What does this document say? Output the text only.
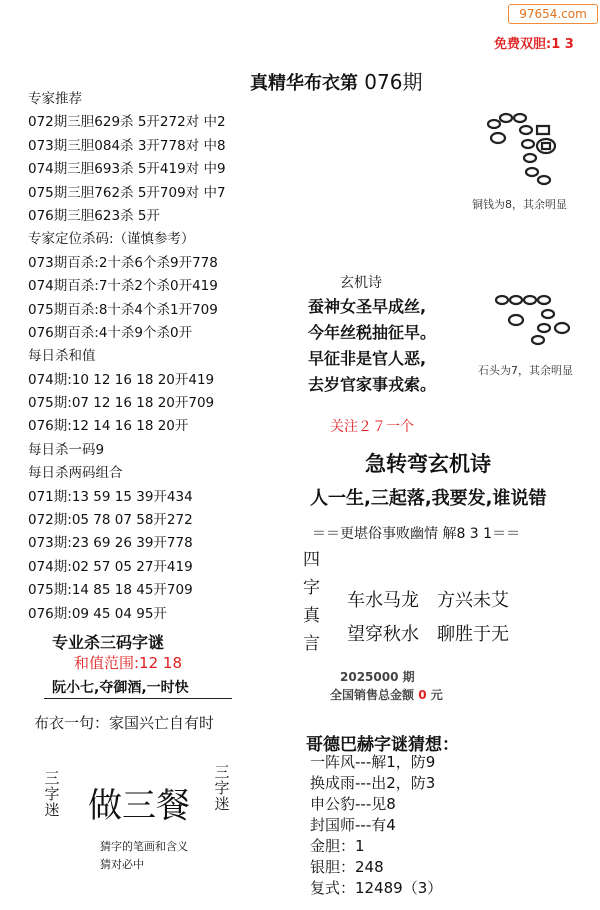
97654.com
免费双胆:1 3
真精华布衣第 076期
专家推荐
072期三胆629杀 5开272对 中2
073期三胆084杀 3开778对 中8
074期三胆693杀 5开419对 中9
075期三胆762杀 5开709对 中7
076期三胆623杀 5开
专家定位杀码:（谨慎参考）
073期百杀:2十杀6个杀9开778
074期百杀:7十杀2个杀0开419
075期百杀:8十杀4个杀1开709
076期百杀:4十杀9个杀0开
每日杀和值
074期:10 12 16 18 20开419
075期:07 12 16 18 20开709
076期:12 14 16 18 20开
每日杀一码9
每日杀两码组合
071期:13 59 15 39开434
072期:05 78 07 58开272
073期:23 69 26 39开778
074期:02 57 05 27开419
075期:14 85 18 45开709
076期:09 45 04 95开
铜钱为8，其余明显
石头为7，其余明显
玄机诗
蚕神女圣早成丝,
今年丝税抽征早。
早征非是官人恶,
去岁官家事戎索。
关注２７一个
急转弯玄机诗
人一生,三起落,我要发,谁说错
＝＝更堪俗事败幽情 解8 3 1＝＝
四字真言
车水马龙　方兴未艾
望穿秋水　聊胜于无
2025000 期
全国销售总金额 0 元
专业杀三码字谜
和值范围:12 18
阮小七,夺御酒,一时快
布衣一句：家国兴亡自有时
三字迷 做三餐
三字迷
猜字的笔画和含义
猜对必中
哥德巴赫字谜猜想：
一阵风---解1，防9
换成雨---出2，防3
申公豹---见8
封国师---有4
金胆：1
银胆：248
复式：12489（3）
